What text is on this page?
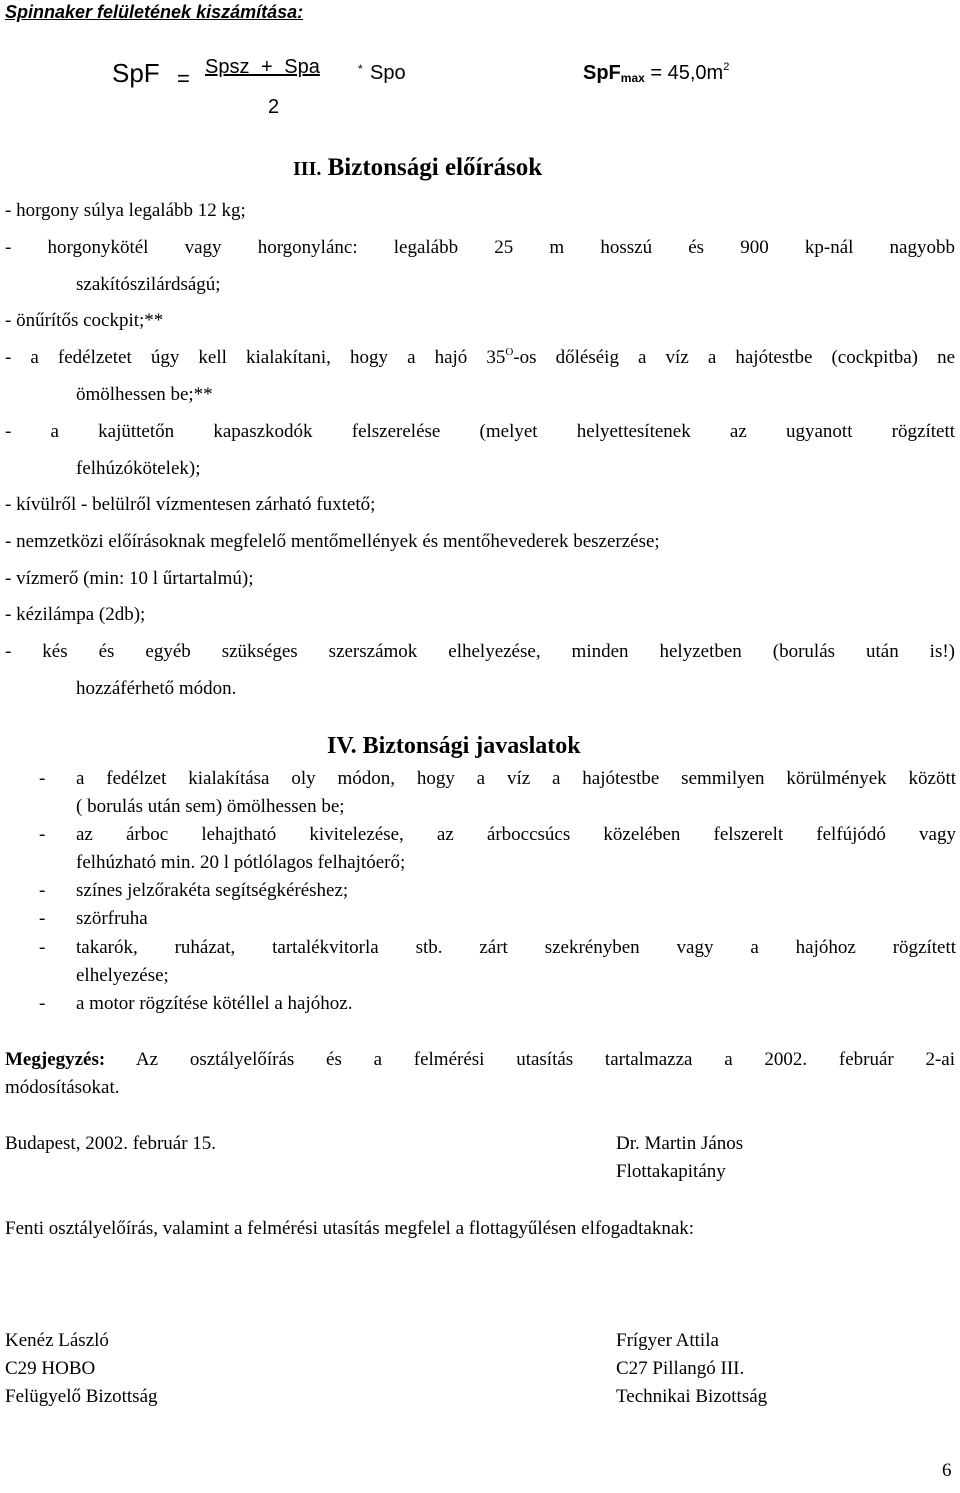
Spinnaker felületének kiszámítása:
SpF = Spsz + Spa	* Spo
2
$SpFmax = 45,0m^2$
III. Biztonsági előírások
- horgony súlya legalább 12 kg;
- horgonykötél vagy horgonylánc: legalább 25 m hosszú és 900 kp-nál nagyobb
szakítószilárdságú;
- önűrítős cockpit;**
- a fedélzetet úgy kell kialakítani, hogy a hajó $35^O-os$ dőléséig a víz a hajótestbe (cockpitba) ne
ömölhessen be;**
- a kajüttetőn kapaszkodók felszerelése (melyet helyettesítenek az ugyanott rögzített
felhúzókötelek);
- kívülről - belülről vízmentesen zárható fuxtető;
- nemzetközi előírásoknak megfelelő mentőmellények és mentőhevederek beszerzése;
- vízmerő (min: 10 l űrtartalmú);
- kézilámpa (2db);
- kés és egyéb szükséges szerszámok elhelyezése, minden helyzetben (borulás után is!)
hozzáférhető módon.
IV. Biztonsági javaslatok
- a fedélzet kialakítása oly módon, hogy a víz a hajótestbe semmilyen körülmények között
( borulás után sem) ömölhessen be;
- az árboc lehajtható kivitelezése, az árboccsúcs közelében felszerelt felfújódó vagy
felhúzható min. 20 l pótlólagos felhajtóerő;
- színes jelzőrakéta segítségkéréshez;
- szörfruha
- takarók, ruházat, tartalékvitorla stb. zárt szekrényben vagy a hajóhoz rögzített
elhelyezése;
- a motor rögzítése kötéllel a hajóhoz.
Megjegyzés: Az osztályelőírás és a felmérési utasítás tartalmazza a 2002. február 2-ai
módosításokat.
Budapest, 2002. február 15.	Dr. Martin János
Flottakapitány
Fenti osztályelőírás, valamint a felmérési utasítás megfelel a flottagyűlésen elfogadtaknak:
Kenéz László
C29 HOBO
Felügyelő Bizottság
Frígyer Attila
C27 Pillangó III.
Technikai Bizottság
6
